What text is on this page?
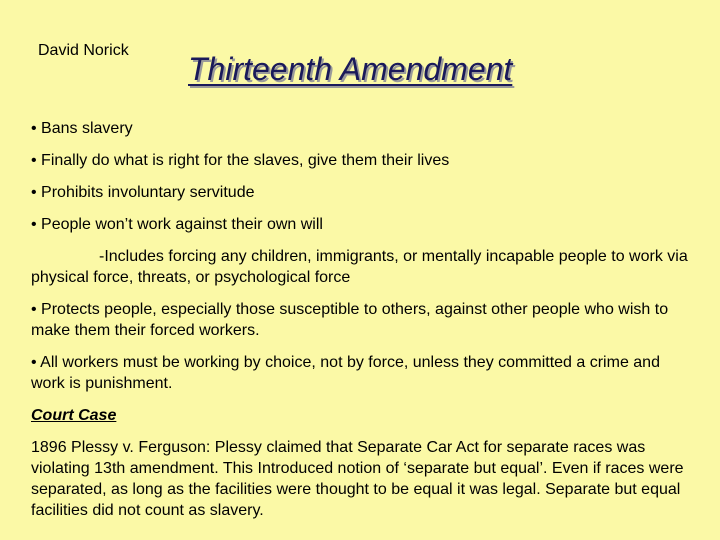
David Norick
Thirteenth Amendment

• Bans slavery

• Finally do what is right for the slaves, give them their lives

• Prohibits involuntary servitude

• People won’t work against their own will

-Includes forcing any children, immigrants, or mentally incapable people to work via physical force, threats, or psychological force

• Protects people, especially those susceptible to others, against other people who wish to make them their forced workers.

• All workers must be working by choice, not by force, unless they committed a crime and work is punishment.

Court Case

1896 Plessy v. Ferguson: Plessy claimed that Separate Car Act for separate races was violating 13th amendment. This Introduced notion of ‘separate but equal’. Even if races were separated, as long as the facilities were thought to be equal it was legal. Separate but equal facilities did not count as slavery.
